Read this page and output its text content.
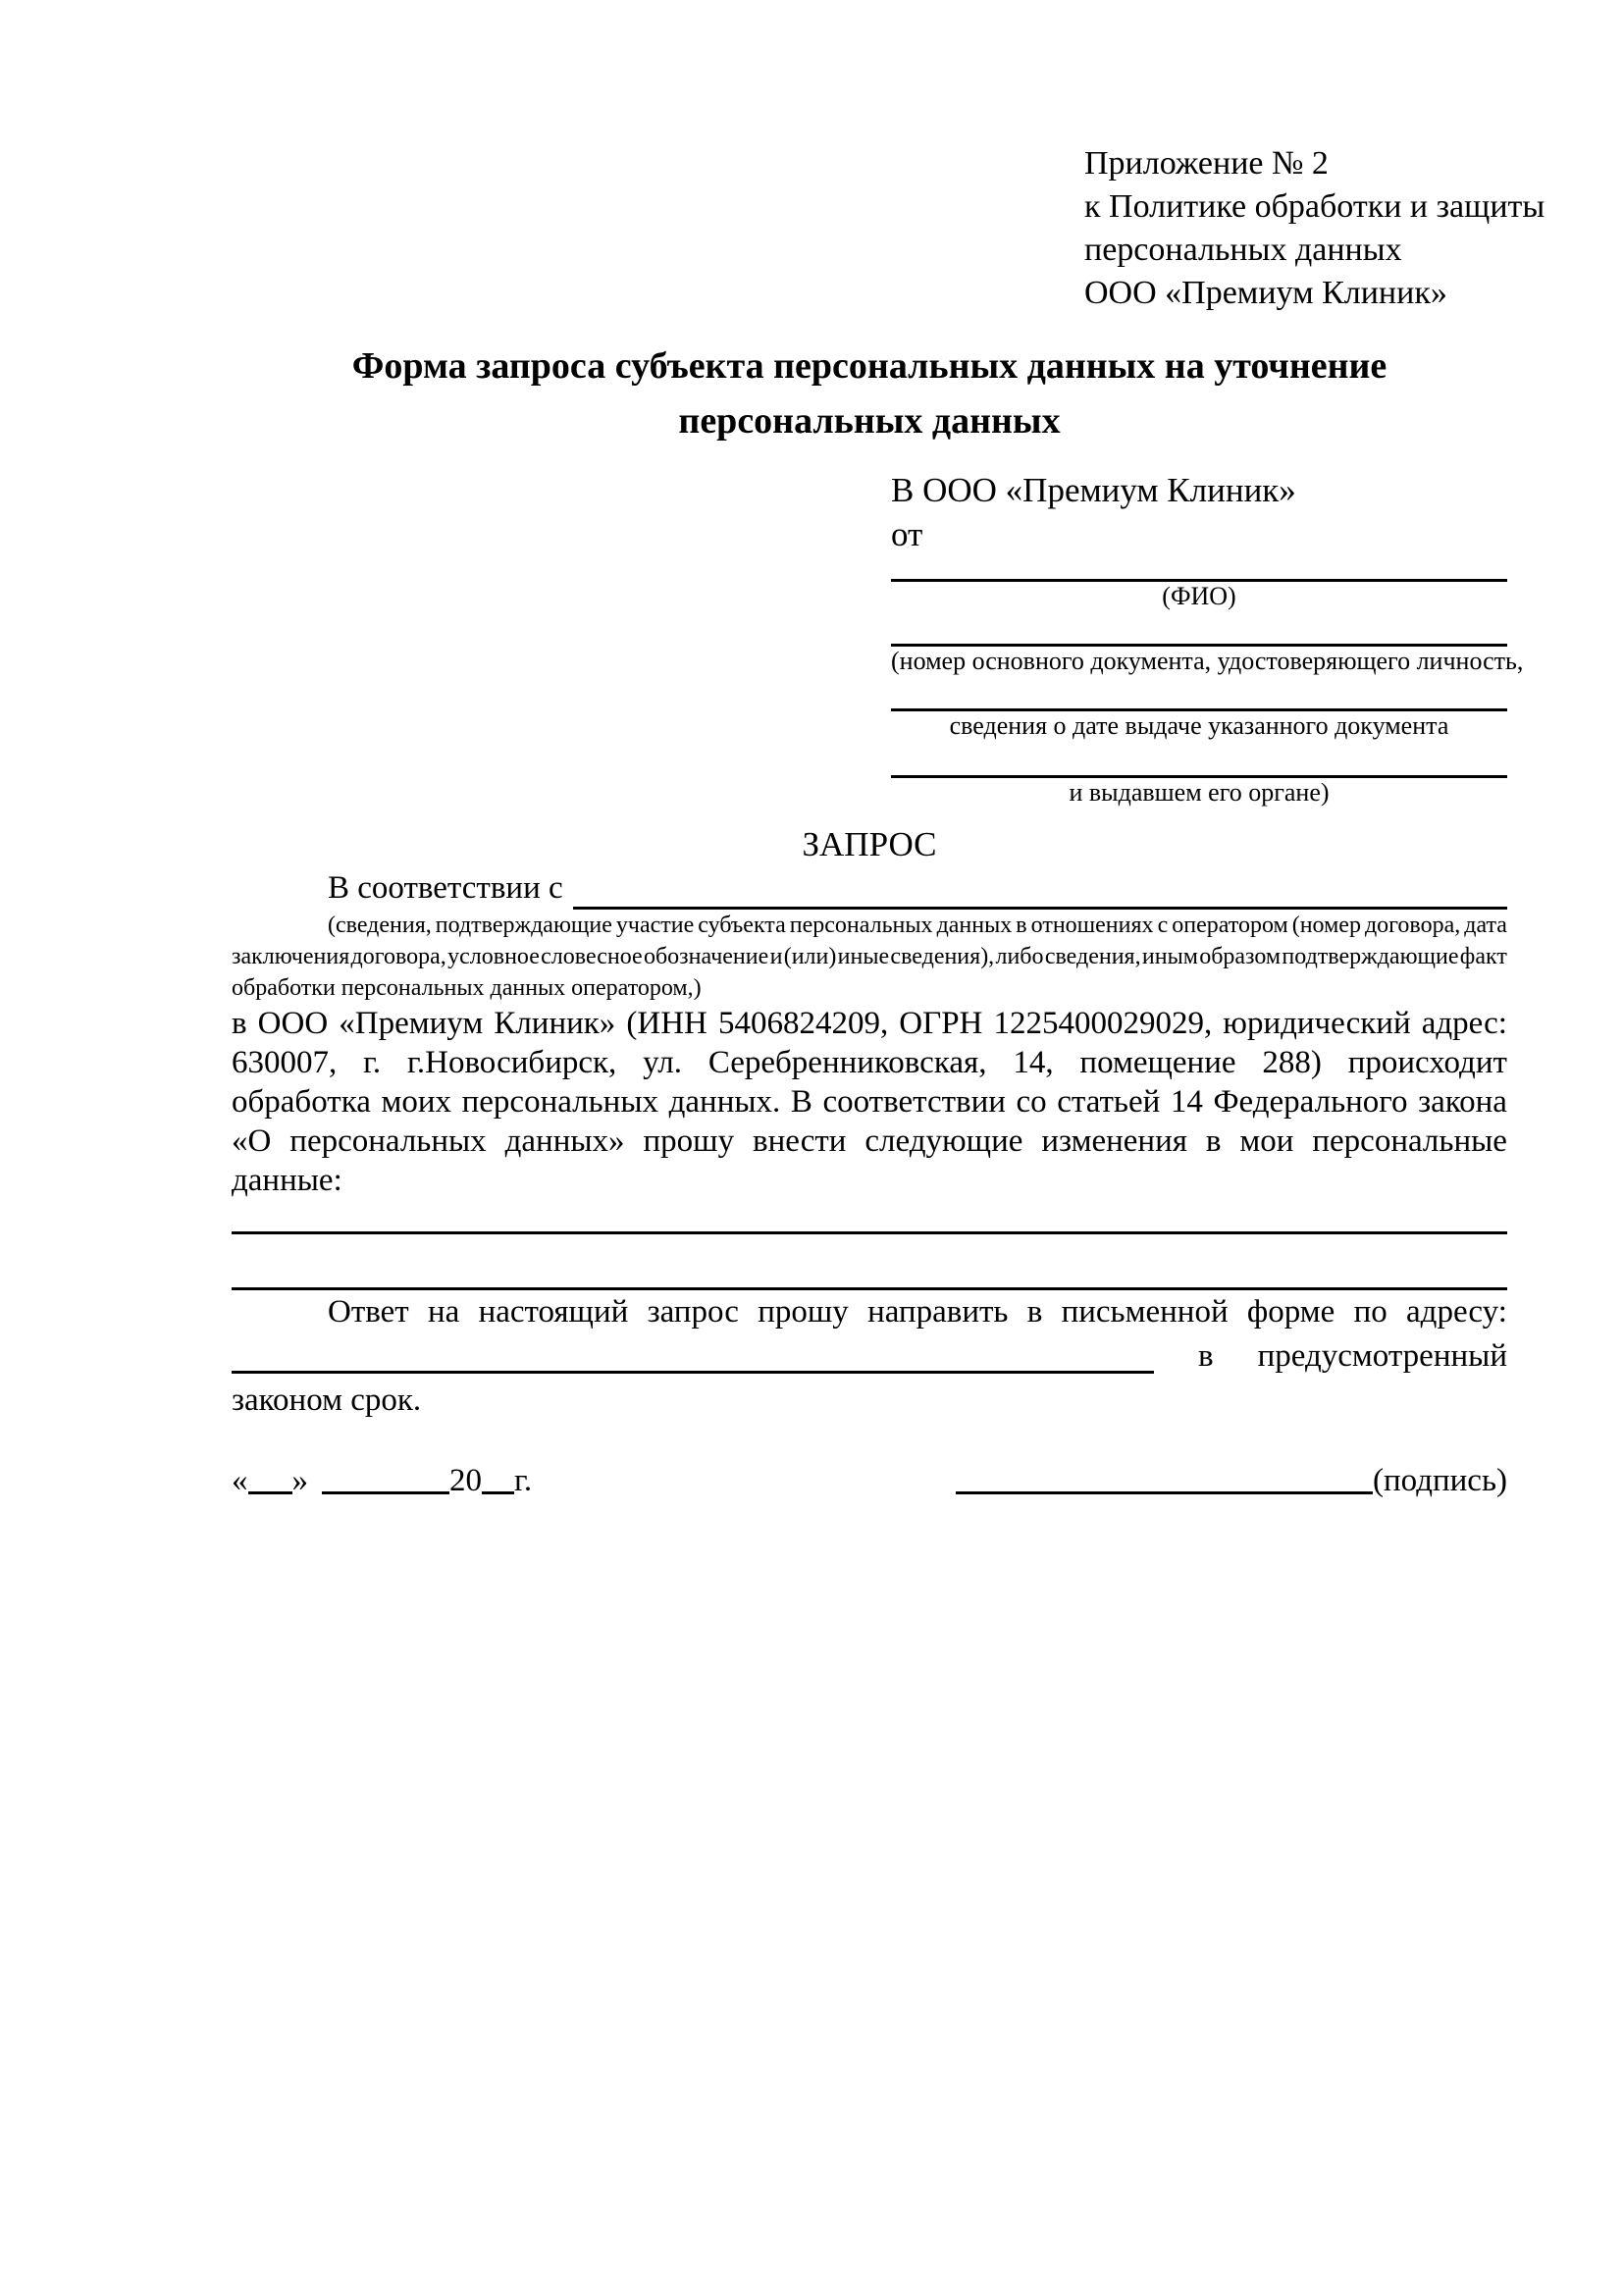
Приложение № 2
к Политике обработки и защиты
персональных данных
ООО «Премиум Клиник»
Форма запроса субъекта персональных данных на уточнение
персональных данных
В ООО «Премиум Клиник»
от
(ФИО)
(номер основного документа, удостоверяющего личность,
сведения о дате выдаче указанного документа
и выдавшем его органе)
ЗАПРОС
В соответствии с
(сведения, подтверждающие участие субъекта персональных данных в отношениях с оператором (номер договора, дата
заключения договора, условное словесное обозначение и (или) иные сведения), либо сведения, иным образом подтверждающие факт
обработки персональных данных оператором,)
в ООО «Премиум Клиник» (ИНН 5406824209, ОГРН 1225400029029, юридический адрес:
630007, г. г.Новосибирск, ул. Серебренниковская, 14, помещение 288) происходит
обработка моих персональных данных. В соответствии со статьей 14 Федерального закона
«О персональных данных» прошу внести следующие изменения в мои персональные
данные:
Ответ на настоящий запрос прошу направить в письменной форме по адресу:
в предусмотренный
законом срок.
« »	20 г.	(подпись)
